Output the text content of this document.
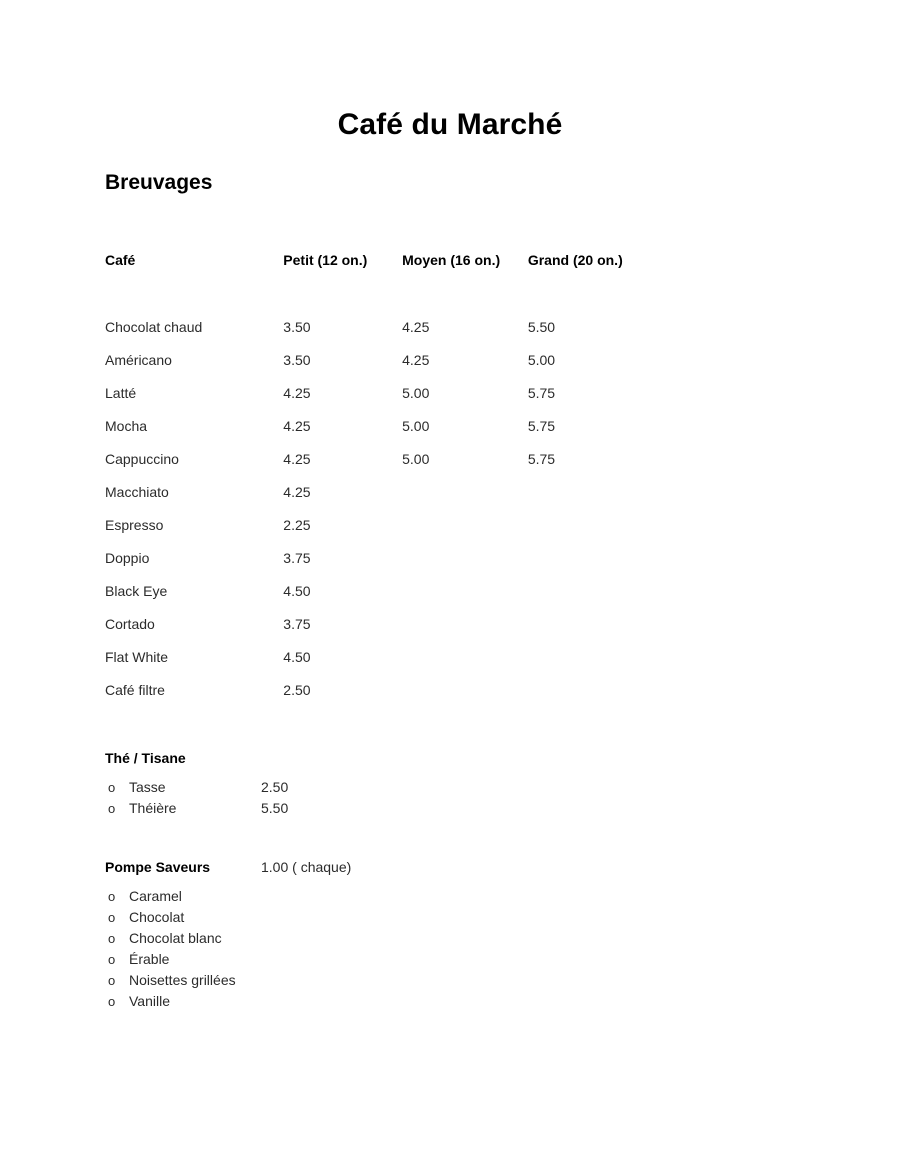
Café du Marché
Breuvages
Café	Petit (12 on.)	Moyen (16 on.)	Grand (20 on.)

Chocolat chaud	3.50	4.25	5.50
Américano	3.50	4.25	5.00
Latté	4.25	5.00	5.75
Mocha	4.25	5.00	5.75
Cappuccino	4.25	5.00	5.75
Macchiato	4.25		
Espresso	2.25		
Doppio	3.75		
Black Eye	4.50		
Cortado	3.75		
Flat White	4.50		
Café filtre	2.50		
Thé / Tisane
o Tasse	2.50
o Théière	5.50
Pompe Saveurs	1.00 ( chaque)
o Caramel
o Chocolat
o Chocolat blanc
o Érable
o Noisettes grillées
o Vanille
